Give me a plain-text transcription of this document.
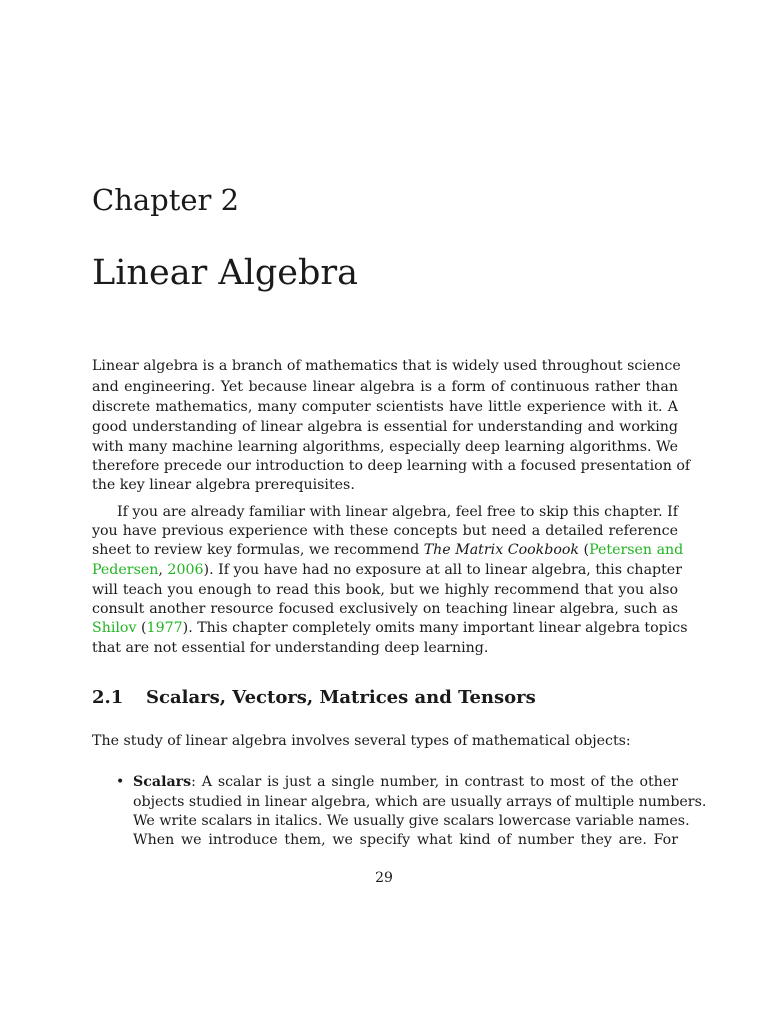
Chapter 2
Linear Algebra
Linear algebra is a branch of mathematics that is widely used throughout science
and engineering. Yet because linear algebra is a form of continuous rather than
discrete mathematics, many computer scientists have little experience with it. A
good understanding of linear algebra is essential for understanding and working
with many machine learning algorithms, especially deep learning algorithms. We
therefore precede our introduction to deep learning with a focused presentation of
the key linear algebra prerequisites.
If you are already familiar with linear algebra, feel free to skip this chapter. If
you have previous experience with these concepts but need a detailed reference
sheet to review key formulas, we recommend The Matrix Cookbook (Petersen and
Pedersen, 2006). If you have had no exposure at all to linear algebra, this chapter
will teach you enough to read this book, but we highly recommend that you also
consult another resource focused exclusively on teaching linear algebra, such as
Shilov (1977). This chapter completely omits many important linear algebra topics
that are not essential for understanding deep learning.
2.1 Scalars, Vectors, Matrices and Tensors
The study of linear algebra involves several types of mathematical objects:
• Scalars: A scalar is just a single number, in contrast to most of the other
objects studied in linear algebra, which are usually arrays of multiple numbers.
We write scalars in italics. We usually give scalars lowercase variable names.
When we introduce them, we specify what kind of number they are. For
29
